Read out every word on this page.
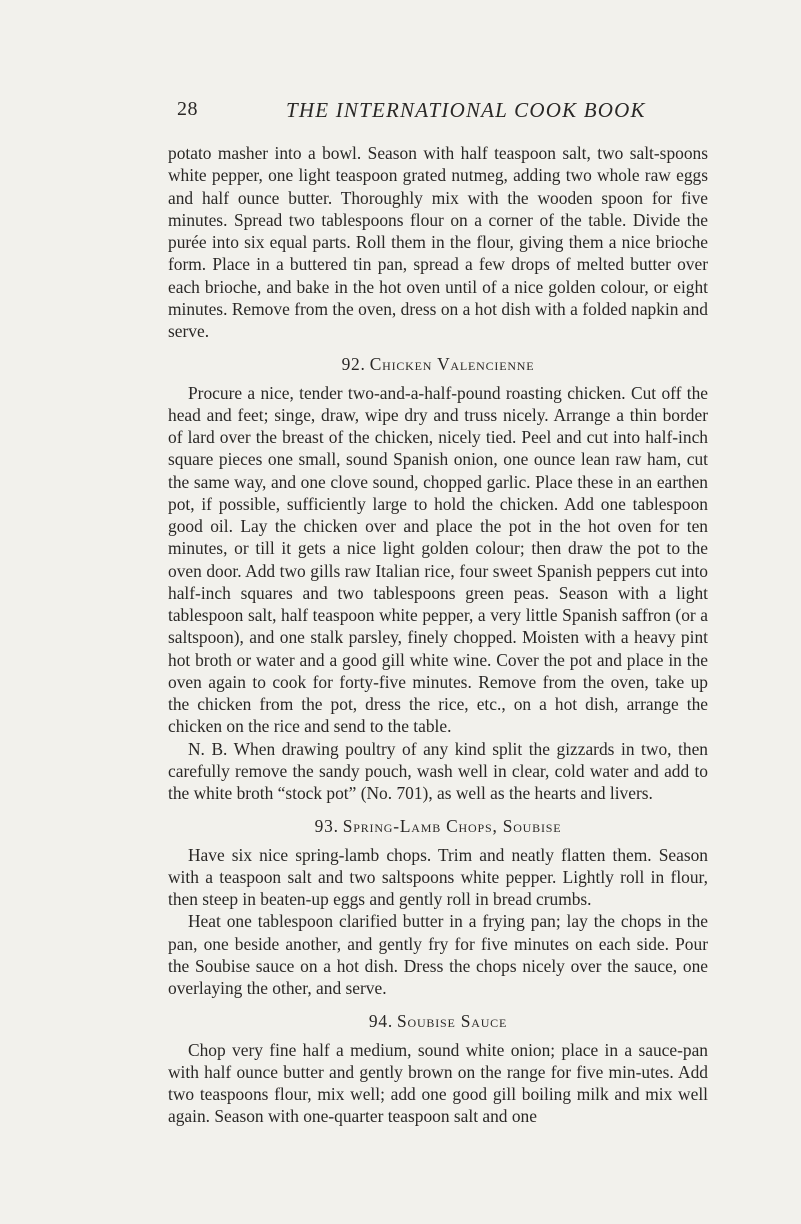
28	THE INTERNATIONAL COOK BOOK

potato masher into a bowl. Season with half teaspoon salt, two salt-spoons white pepper, one light teaspoon grated nutmeg, adding two whole raw eggs and half ounce butter. Thoroughly mix with the wooden spoon for five minutes. Spread two tablespoons flour on a corner of the table. Divide the purée into six equal parts. Roll them in the flour, giving them a nice brioche form. Place in a buttered tin pan, spread a few drops of melted butter over each brioche, and bake in the hot oven until of a nice golden colour, or eight minutes. Remove from the oven, dress on a hot dish with a folded napkin and serve.

92. Chicken Valencienne

Procure a nice, tender two-and-a-half-pound roasting chicken. Cut off the head and feet; singe, draw, wipe dry and truss nicely. Arrange a thin border of lard over the breast of the chicken, nicely tied. Peel and cut into half-inch square pieces one small, sound Spanish onion, one ounce lean raw ham, cut the same way, and one clove sound, chopped garlic. Place these in an earthen pot, if possible, sufficiently large to hold the chicken. Add one tablespoon good oil. Lay the chicken over and place the pot in the hot oven for ten minutes, or till it gets a nice light golden colour; then draw the pot to the oven door. Add two gills raw Italian rice, four sweet Spanish peppers cut into half-inch squares and two tablespoons green peas. Season with a light tablespoon salt, half teaspoon white pepper, a very little Spanish saffron (or a saltspoon), and one stalk parsley, finely chopped. Moisten with a heavy pint hot broth or water and a good gill white wine. Cover the pot and place in the oven again to cook for forty-five minutes. Remove from the oven, take up the chicken from the pot, dress the rice, etc., on a hot dish, arrange the chicken on the rice and send to the table.

N. B. When drawing poultry of any kind split the gizzards in two, then carefully remove the sandy pouch, wash well in clear, cold water and add to the white broth “stock pot” (No. 701), as well as the hearts and livers.

93. Spring-Lamb Chops, Soubise

Have six nice spring-lamb chops. Trim and neatly flatten them. Season with a teaspoon salt and two saltspoons white pepper. Lightly roll in flour, then steep in beaten-up eggs and gently roll in bread crumbs.

Heat one tablespoon clarified butter in a frying pan; lay the chops in the pan, one beside another, and gently fry for five minutes on each side. Pour the Soubise sauce on a hot dish. Dress the chops nicely over the sauce, one overlaying the other, and serve.

94. Soubise Sauce

Chop very fine half a medium, sound white onion; place in a sauce-pan with half ounce butter and gently brown on the range for five min-utes. Add two teaspoons flour, mix well; add one good gill boiling milk and mix well again. Season with one-quarter teaspoon salt and one
